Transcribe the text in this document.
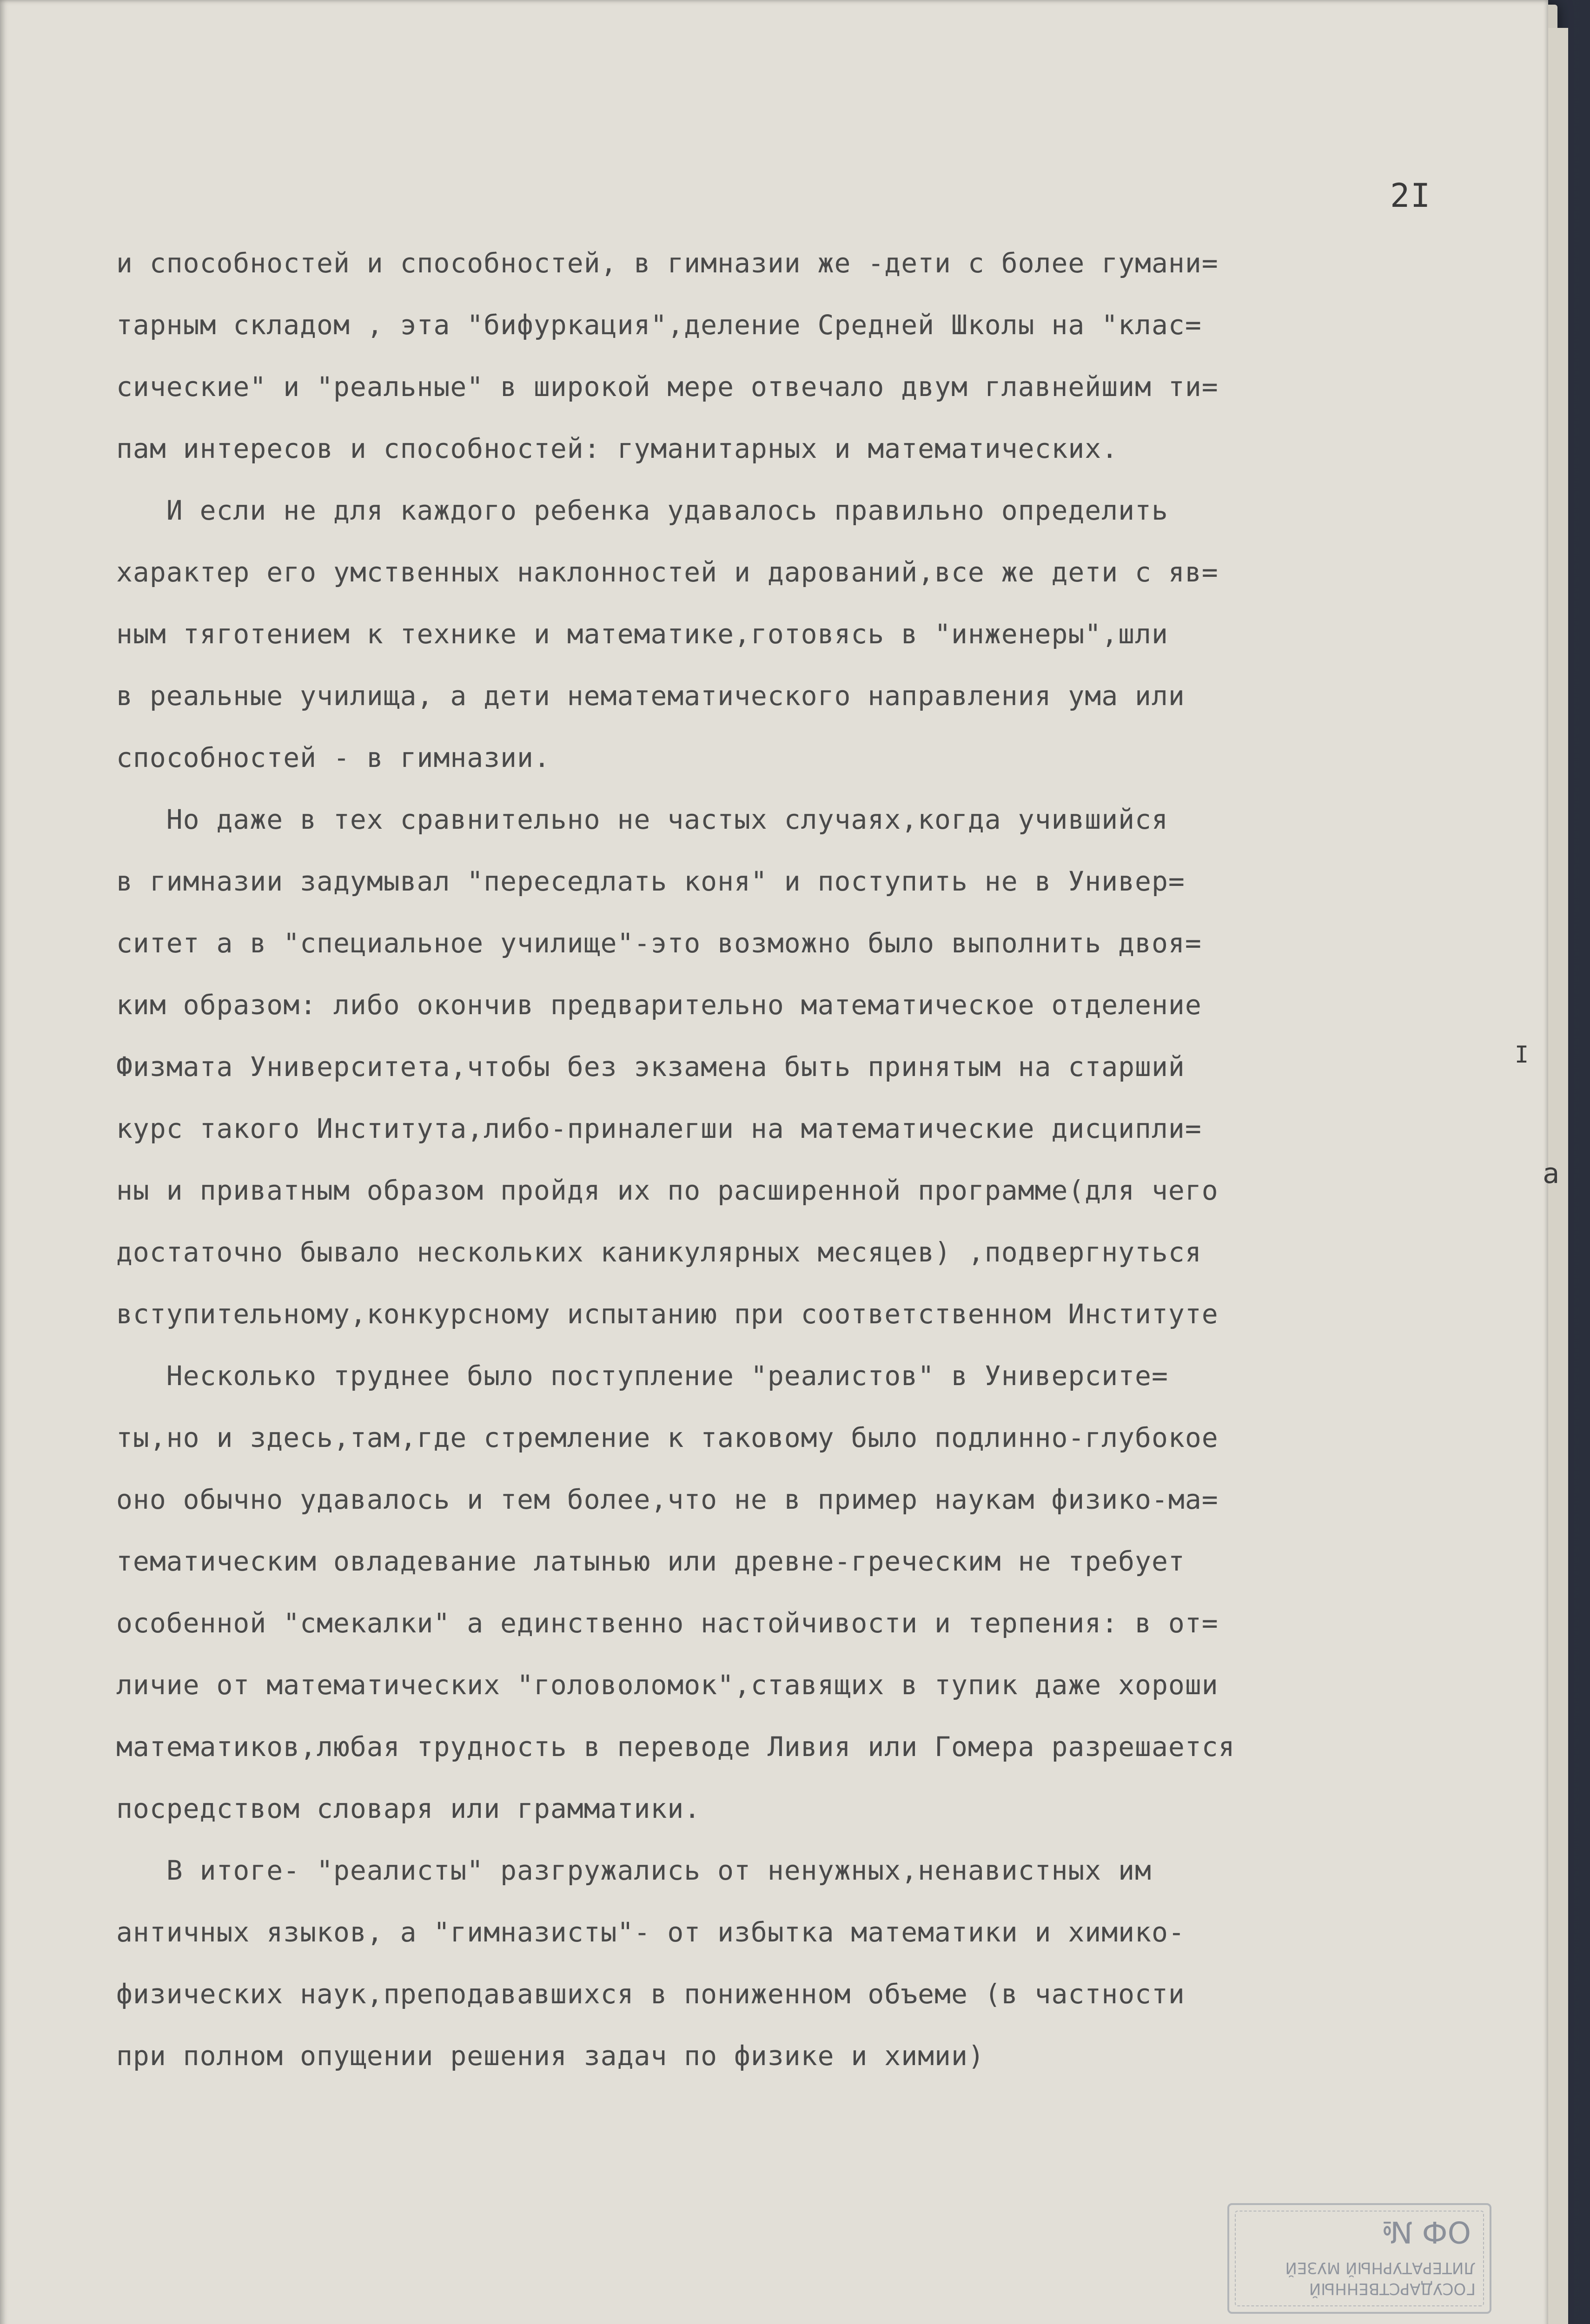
2I
и способностей и способностей, в гимназии же -дети с более гумани=
тарным складом , эта "бифуркация",деление Средней Школы на "клас=
сические" и "реальные" в широкой мере отвечало двум главнейшим ти=
пам интересов и способностей: гуманитарных и математических.
И если не для каждого ребенка удавалось правильно определить
характер его умственных наклонностей и дарований,все же дети с яв=
ным тяготением к технике и математике,готовясь в "инженеры",шли
в реальные училища, а дети нематематического направления ума или
способностей - в гимназии.
Но даже в тех сравнительно не частых случаях,когда учившийся
в гимназии задумывал "переседлать коня" и поступить не в Универ=
ситет а в "специальное училище"-это возможно было выполнить двоя=
ким образом: либо окончив предварительно математическое отделение
Физмата Университета,чтобы без экзамена быть принятым на старший
курс такого Института,либо-приналегши на математические дисципли=
ны и приватным образом пройдя их по расширенной программе(для чего
достаточно бывало нескольких каникулярных месяцев) ,подвергнуться
вступительному,конкурсному испытанию при соответственном Институте
Несколько труднее было поступление "реалистов" в Университе=
ты,но и здесь,там,где стремление к таковому было подлинно-глубокое
оно обычно удавалось и тем более,что не в пример наукам физико-ма=
тематическим овладевание латынью или древне-греческим не требует
особенной "смекалки" а единственно настойчивости и терпения: в от=
личие от математических "головоломок",ставящих в тупик даже хороши
математиков,любая трудность в переводе Ливия или Гомера разрешается
посредством словаря или грамматики.
В итоге- "реалисты" разгружались от ненужных,ненавистных им
античных языков, а "гимназисты"- от избытка математики и химико-
физических наук,преподававшихся в пониженном объеме (в частности
при полном опущении решения задач по физике и химии)
ГОСУДАРСТВЕННЫЙ
ЛИТЕРАТУРНЫЙ МУЗЕЙ
ОФ №
I
а
